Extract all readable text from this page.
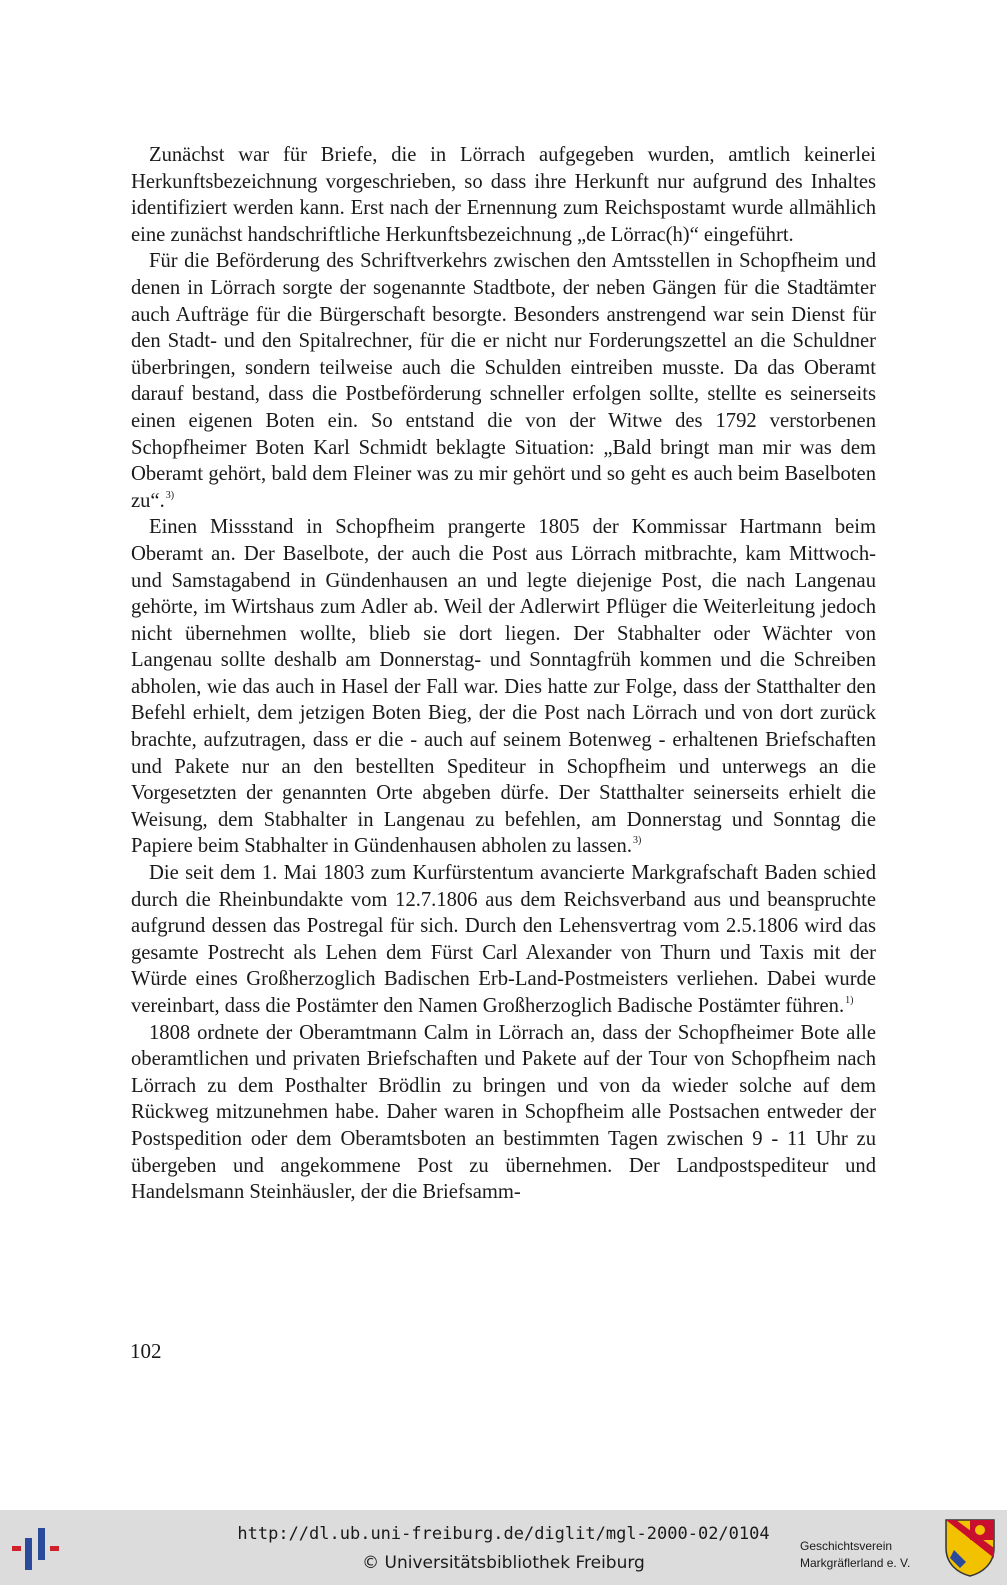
Zunächst war für Briefe, die in Lörrach aufgegeben wurden, amtlich keinerlei Herkunftsbezeichnung vorgeschrieben, so dass ihre Herkunft nur aufgrund des Inhaltes identifiziert werden kann. Erst nach der Ernennung zum Reichspostamt wurde allmählich eine zunächst handschriftliche Herkunftsbezeichnung „de Lörrac(h)“ eingeführt.

Für die Beförderung des Schriftverkehrs zwischen den Amtsstellen in Schopfheim und denen in Lörrach sorgte der sogenannte Stadtbote, der neben Gängen für die Stadtämter auch Aufträge für die Bürgerschaft besorgte. Besonders anstrengend war sein Dienst für den Stadt- und den Spitalrechner, für die er nicht nur Forderungszettel an die Schuldner überbringen, sondern teilweise auch die Schulden eintreiben musste. Da das Oberamt darauf bestand, dass die Postbeförderung schneller erfolgen sollte, stellte es seinerseits einen eigenen Boten ein. So entstand die von der Witwe des 1792 verstorbenen Schopfheimer Boten Karl Schmidt beklagte Situation: „Bald bringt man mir was dem Oberamt gehört, bald dem Fleiner was zu mir gehört und so geht es auch beim Baselboten zu“.$^{3)}$

Einen Missstand in Schopfheim prangerte 1805 der Kommissar Hartmann beim Oberamt an. Der Baselbote, der auch die Post aus Lörrach mitbrachte, kam Mittwoch- und Samstagabend in Gündenhausen an und legte diejenige Post, die nach Langenau gehörte, im Wirtshaus zum Adler ab. Weil der Adlerwirt Pflüger die Weiterleitung jedoch nicht übernehmen wollte, blieb sie dort liegen. Der Stabhalter oder Wächter von Langenau sollte deshalb am Donnerstag- und Sonntagfrüh kommen und die Schreiben abholen, wie das auch in Hasel der Fall war. Dies hatte zur Folge, dass der Statthalter den Befehl erhielt, dem jetzigen Boten Bieg, der die Post nach Lörrach und von dort zurück brachte, aufzutragen, dass er die - auch auf seinem Botenweg - erhaltenen Briefschaften und Pakete nur an den bestellten Spediteur in Schopfheim und unterwegs an die Vorgesetzten der genannten Orte abgeben dürfe. Der Statthalter seinerseits erhielt die Weisung, dem Stabhalter in Langenau zu befehlen, am Donnerstag und Sonntag die Papiere beim Stabhalter in Gündenhausen abholen zu lassen.$^{3)}$

Die seit dem 1. Mai 1803 zum Kurfürstentum avancierte Markgrafschaft Baden schied durch die Rheinbundakte vom 12.7.1806 aus dem Reichsverband aus und beanspruchte aufgrund dessen das Postregal für sich. Durch den Lehensvertrag vom 2.5.1806 wird das gesamte Postrecht als Lehen dem Fürst Carl Alexander von Thurn und Taxis mit der Würde eines Großherzoglich Badischen Erb-Land-Postmeisters verliehen. Dabei wurde vereinbart, dass die Postämter den Namen Großherzoglich Badische Postämter führen.$^{1)}$

1808 ordnete der Oberamtmann Calm in Lörrach an, dass der Schopfheimer Bote alle oberamtlichen und privaten Briefschaften und Pakete auf der Tour von Schopfheim nach Lörrach zu dem Posthalter Brödlin zu bringen und von da wieder solche auf dem Rückweg mitzunehmen habe. Daher waren in Schopfheim alle Postsachen entweder der Postspedition oder dem Oberamtsboten an bestimmten Tagen zwischen 9 - 11 Uhr zu übergeben und angekommene Post zu übernehmen. Der Landpostspediteur und Handelsmann Steinhäusler, der die Briefsamm-

102
http://dl.ub.uni-freiburg.de/diglit/mgl-2000-02/0104
© Universitätsbibliothek Freiburg
Geschichtsverein
Markgräflerland e. V.
